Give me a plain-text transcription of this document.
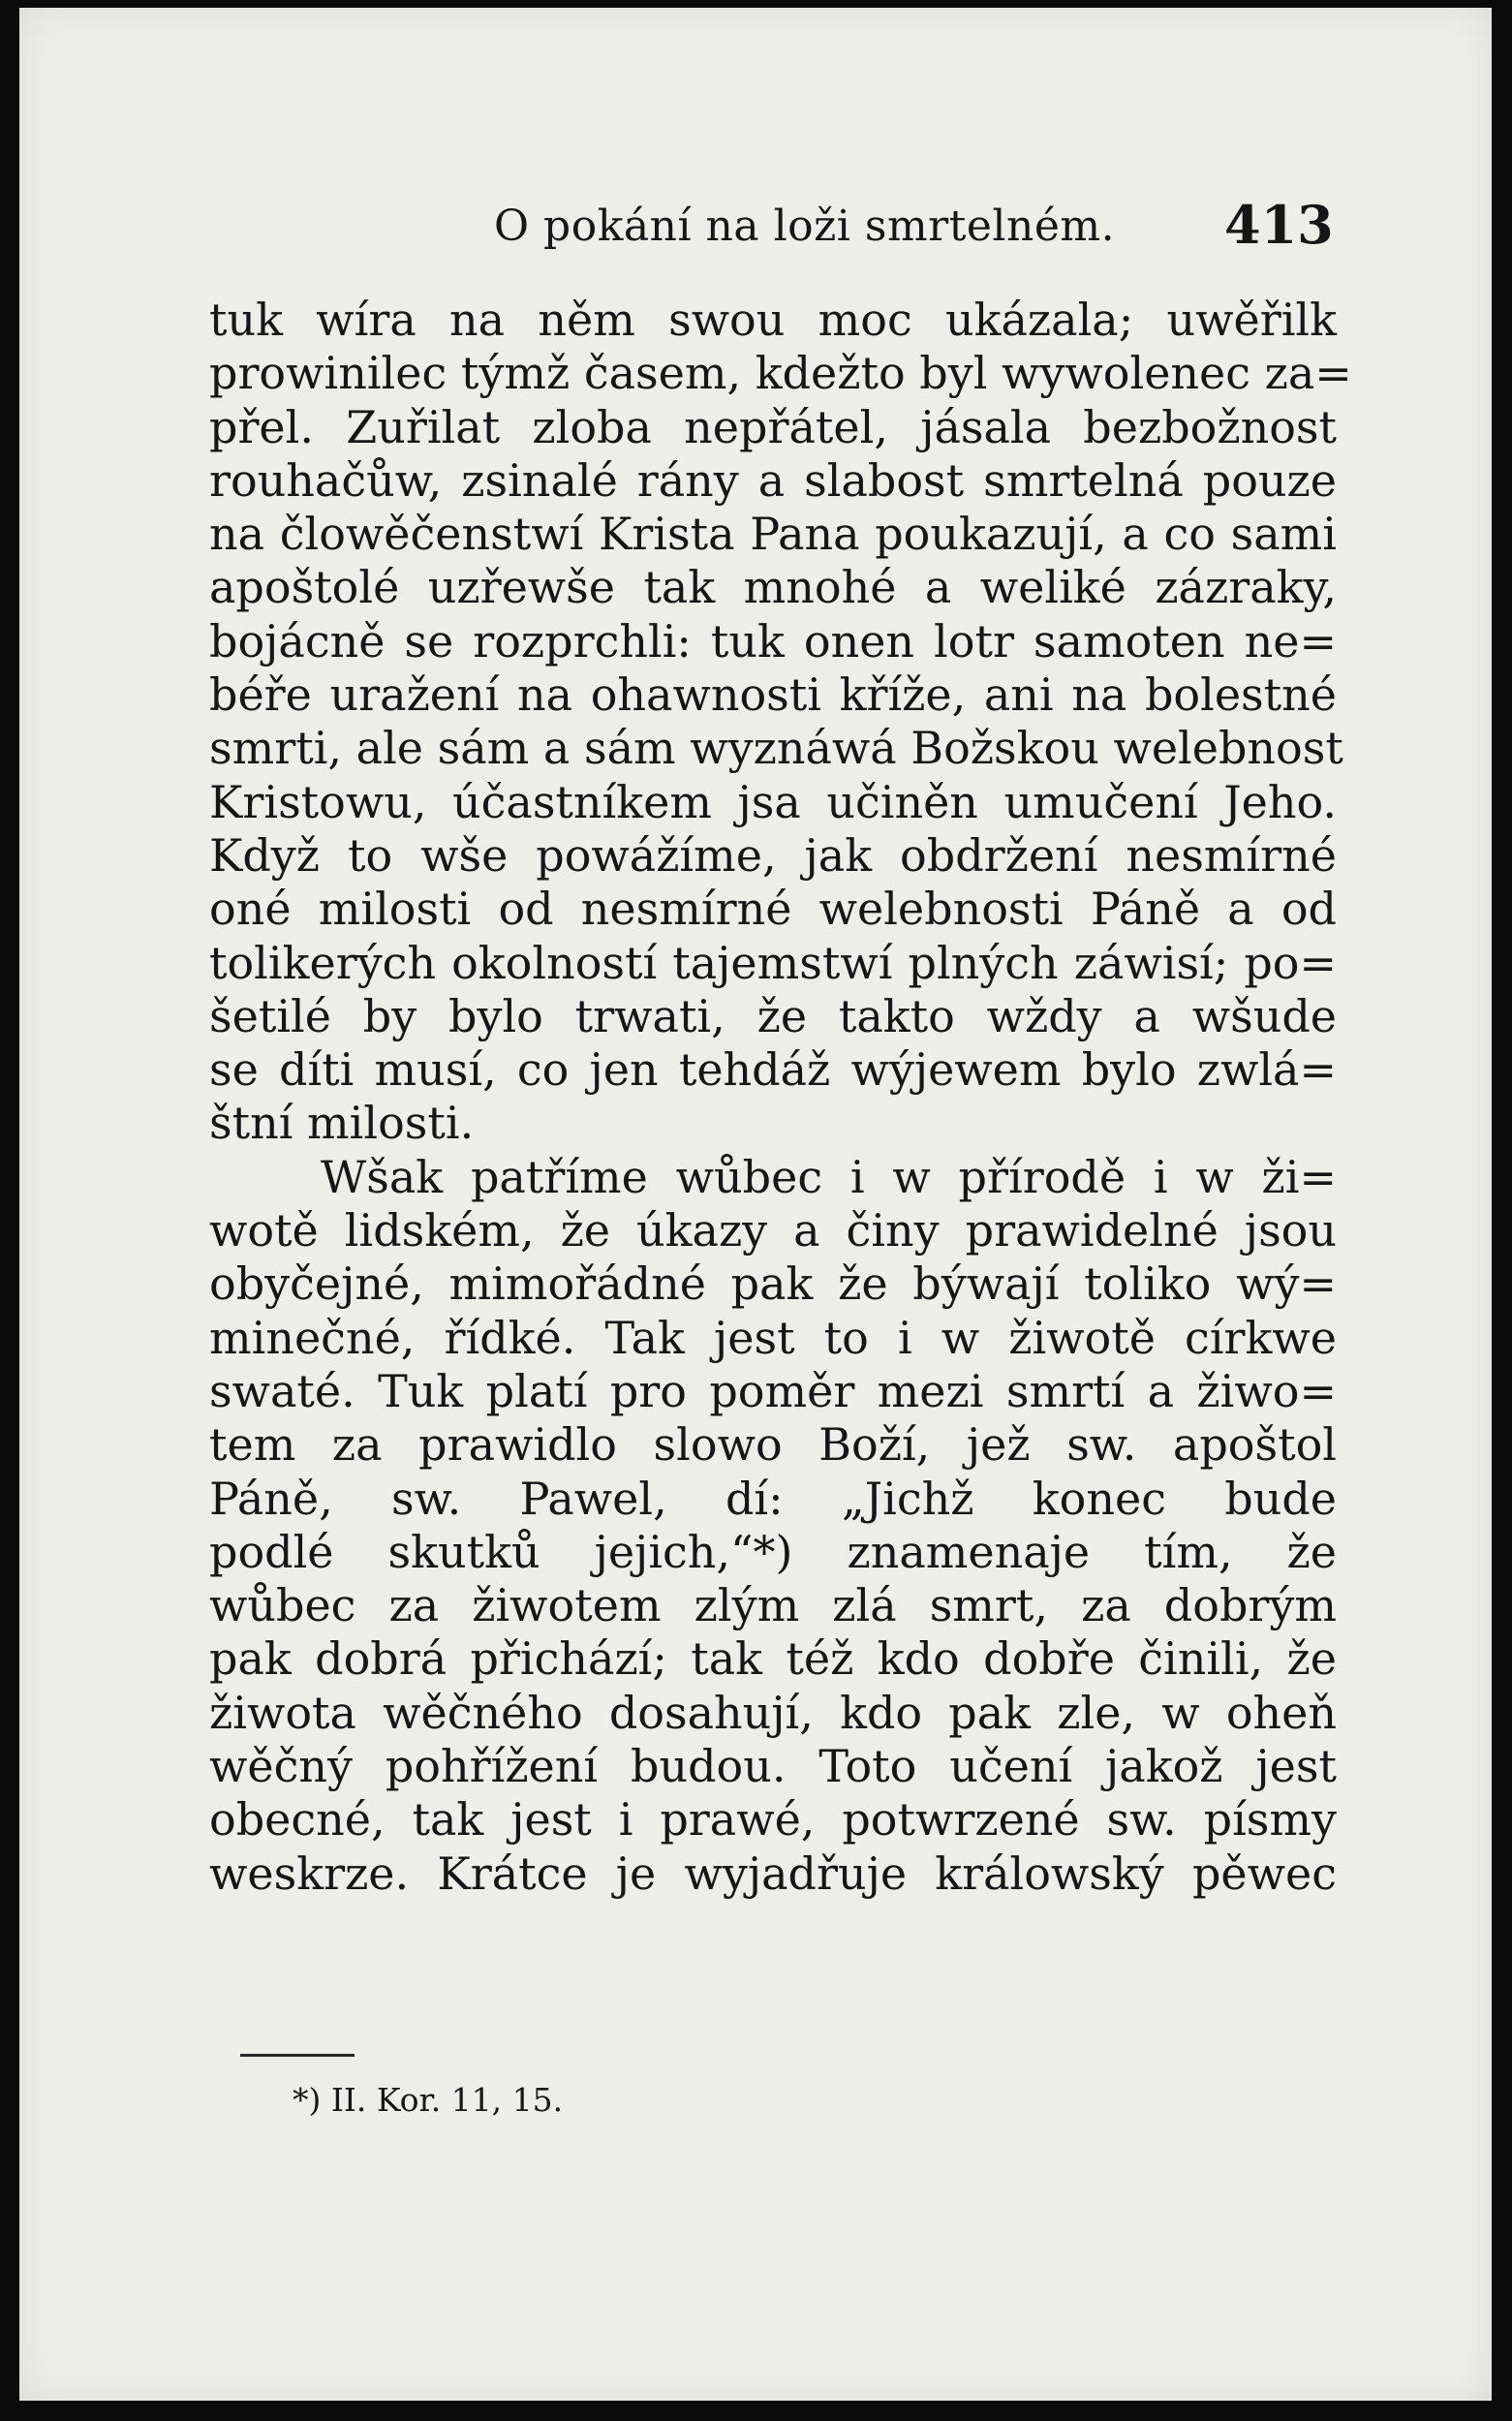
O pokání na loži smrtelném. 413
tuk wíra na něm swou moc ukázala; uwěřilk
prowinilec týmž časem, kdežto byl wywolenec za=
přel. Zuřilat zloba nepřátel, jásala bezbožnost
rouhačůw, zsinalé rány a slabost smrtelná pouze
na člowěčenstwí Krista Pana poukazují, a co sami
apoštolé uzřewše tak mnohé a weliké zázraky,
bojácně se rozprchli: tuk onen lotr samoten ne=
béře uražení na ohawnosti kříže, ani na bolestné
smrti, ale sám a sám wyznáwá Božskou welebnost
Kristowu, účastníkem jsa učiněn umučení Jeho.
Když to wše powážíme, jak obdržení nesmírné
oné milosti od nesmírné welebnosti Páně a od
tolikerých okolností tajemstwí plných záwisí; po=
šetilé by bylo trwati, že takto wždy a wšude
se díti musí, co jen tehdáž wýjewem bylo zwlá=
štní milosti.
Wšak patříme wůbec i w přírodě i w ži=
wotě lidském, že úkazy a činy prawidelné jsou
obyčejné, mimořádné pak že býwají toliko wý=
minečné, řídké. Tak jest to i w žiwotě církwe
swaté. Tuk platí pro poměr mezi smrtí a žiwo=
tem za prawidlo slowo Boží, jež sw. apoštol
Páně, sw. Pawel, dí: „Jichž konec bude
podlé skutků jejich,“*) znamenaje tím, že
wůbec za žiwotem zlým zlá smrt, za dobrým
pak dobrá přichází; tak též kdo dobře činili, že
žiwota wěčného dosahují, kdo pak zle, w oheň
wěčný pohřížení budou. Toto učení jakož jest
obecné, tak jest i prawé, potwrzené sw. písmy
weskrze. Krátce je wyjadřuje králowský pěwec
*) II. Kor. 11, 15.
